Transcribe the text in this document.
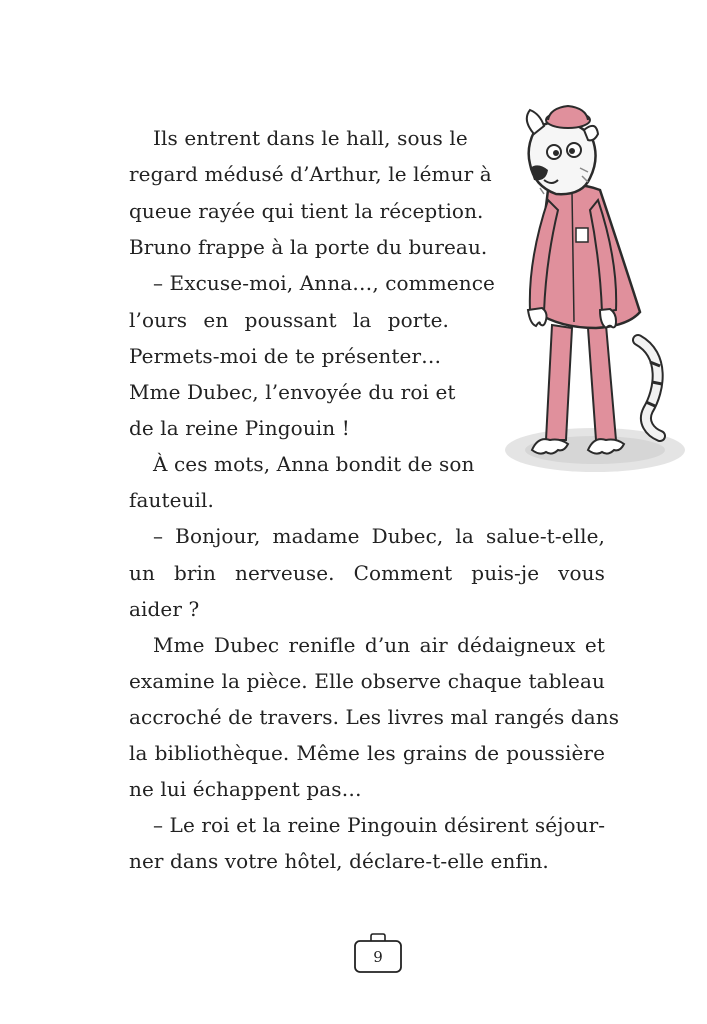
Ils entrent dans le hall, sous le
regard médusé d’Arthur, le lémur à
queue rayée qui tient la réception.
Bruno frappe à la porte du bureau.
– Excuse-moi, Anna…, commence
l’ours en poussant la porte.
Permets-moi de te présenter…
Mme Dubec, l’envoyée du roi et
de la reine Pingouin !
À ces mots, Anna bondit de son
fauteuil.
– Bonjour, madame Dubec, la salue-t-elle,
un brin nerveuse. Comment puis-je vous
aider ?
Mme Dubec renifle d’un air dédaigneux et
examine la pièce. Elle observe chaque tableau
accroché de travers. Les livres mal rangés dans
la bibliothèque. Même les grains de poussière
ne lui échappent pas…
– Le roi et la reine Pingouin désirent séjour-
ner dans votre hôtel, déclare-t-elle enfin.
9
